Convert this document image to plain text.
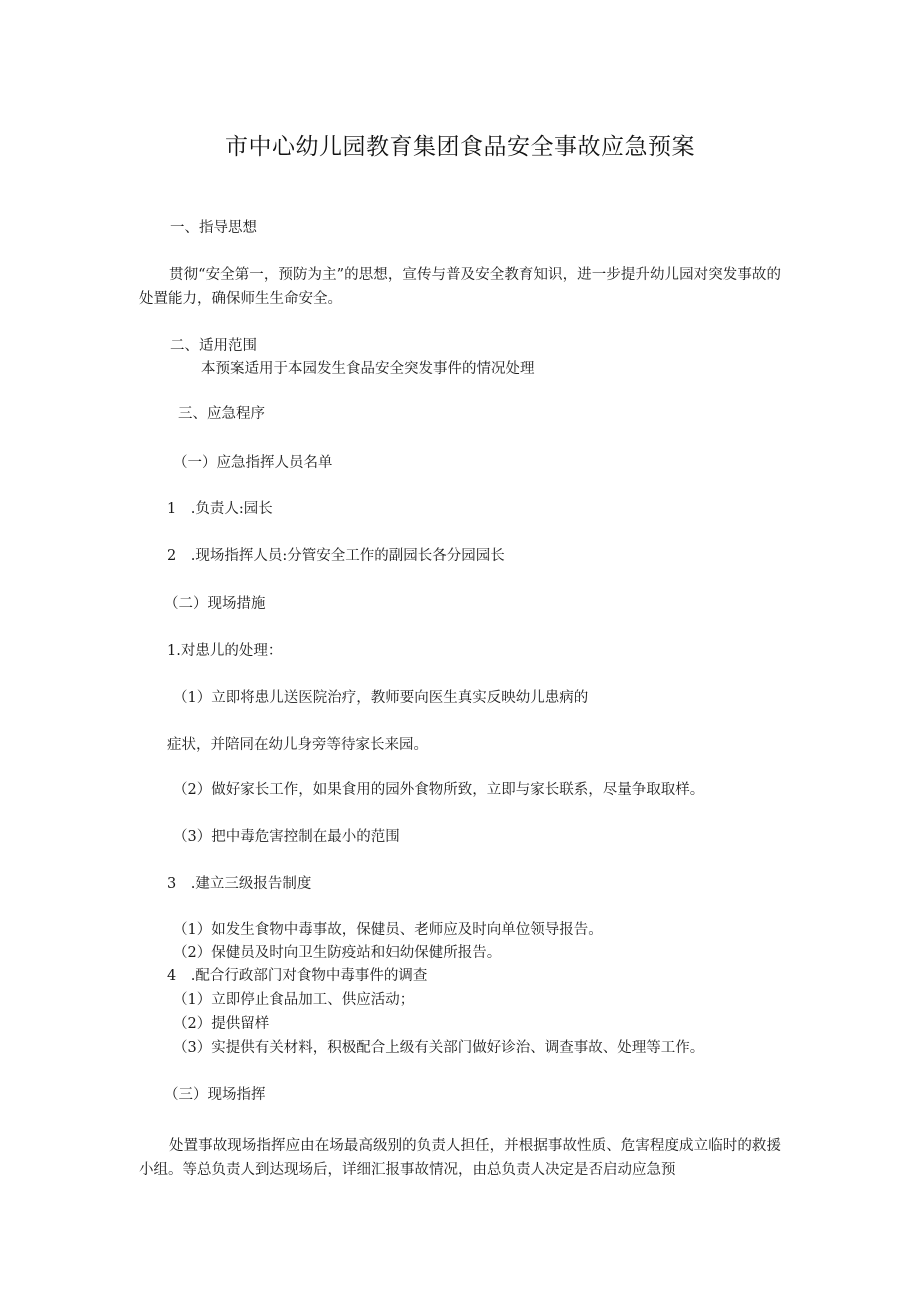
市中心幼儿园教育集团食品安全事故应急预案
一、指导思想
贯彻“安全第一，预防为主”的思想，宣传与普及安全教育知识，进一步提升幼儿园对突发事故的处置能力，确保师生生命安全。
二、适用范围
本预案适用于本园发生食品安全突发事件的情况处理
三、应急程序
（一）应急指挥人员名单
1　.负责人:园长
2　.现场指挥人员:分管安全工作的副园长各分园园长
（二）现场措施
1.对患儿的处理：
（1）立即将患儿送医院治疗，教师要向医生真实反映幼儿患病的
症状，并陪同在幼儿身旁等待家长来园。
（2）做好家长工作，如果食用的园外食物所致，立即与家长联系，尽量争取取样。
（3）把中毒危害控制在最小的范围
3　.建立三级报告制度
（1）如发生食物中毒事故，保健员、老师应及时向单位领导报告。
（2）保健员及时向卫生防疫站和妇幼保健所报告。
4　.配合行政部门对食物中毒事件的调查
（1）立即停止食品加工、供应活动；
（2）提供留样
（3）实提供有关材料，积极配合上级有关部门做好诊治、调查事故、处理等工作。
（三）现场指挥
处置事故现场指挥应由在场最高级别的负责人担任，并根据事故性质、危害程度成立临时的救援小组。等总负责人到达现场后，详细汇报事故情况，由总负责人决定是否启动应急预
